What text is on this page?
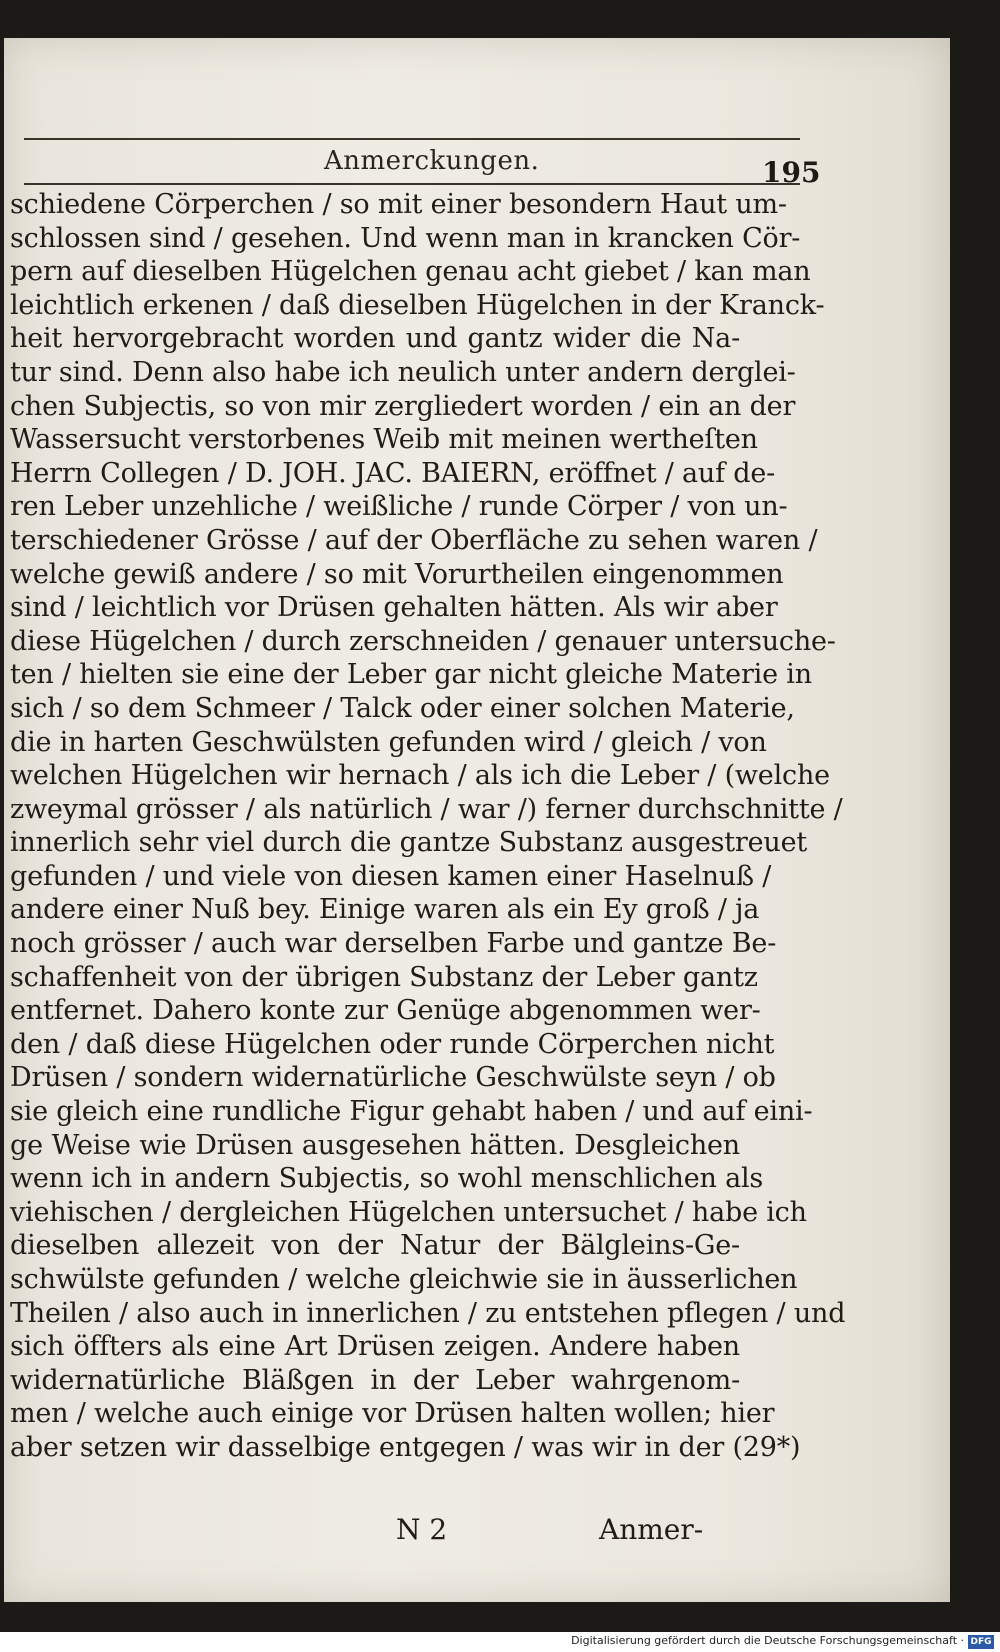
Anmerckungen.	195
schiedene Cörperchen / so mit einer besondern Haut um-
schlossen sind / gesehen. Und wenn man in krancken Cör-
pern auf dieselben Hügelchen genau acht giebet / kan man
leichtlich erkenen / daß dieselben Hügelchen in der Kranck-
heit hervorgebracht worden und gantz wider die Na-
tur sind. Denn also habe ich neulich unter andern derglei-
chen Subjectis, so von mir zergliedert worden / ein an der
Wassersucht verstorbenes Weib mit meinen wertheſten
Herrn Collegen / D. JOH. JAC. BAIERN, eröffnet / auf de-
ren Leber unzehliche / weißliche / runde Cörper / von un-
terschiedener Grösse / auf der Oberfläche zu sehen waren /
welche gewiß andere / so mit Vorurtheilen eingenommen
sind / leichtlich vor Drüsen gehalten hätten. Als wir aber
diese Hügelchen / durch zerschneiden / genauer untersuche-
ten / hielten sie eine der Leber gar nicht gleiche Materie in
sich / so dem Schmeer / Talck oder einer solchen Materie,
die in harten Geschwülsten gefunden wird / gleich / von
welchen Hügelchen wir hernach / als ich die Leber / (welche
zweymal grösser / als natürlich / war /) ferner durchschnitte /
innerlich sehr viel durch die gantze Substanz ausgestreuet
gefunden / und viele von diesen kamen einer Haselnuß /
andere einer Nuß bey. Einige waren als ein Ey groß / ja
noch grösser / auch war derselben Farbe und gantze Be-
schaffenheit von der übrigen Substanz der Leber gantz
entfernet. Dahero konte zur Genüge abgenommen wer-
den / daß diese Hügelchen oder runde Cörperchen nicht
Drüsen / sondern widernatürliche Geschwülste seyn / ob
sie gleich eine rundliche Figur gehabt haben / und auf eini-
ge Weise wie Drüsen ausgesehen hätten. Desgleichen
wenn ich in andern Subjectis, so wohl menschlichen als
viehischen / dergleichen Hügelchen untersuchet / habe ich
dieselben allezeit von der Natur der Bälgleins-Ge-
schwülste gefunden / welche gleichwie sie in äusserlichen
Theilen / also auch in innerlichen / zu entstehen pflegen / und
sich öffters als eine Art Drüsen zeigen. Andere haben
widernatürliche Bläßgen in der Leber wahrgenom-
men / welche auch einige vor Drüsen halten wollen; hier
aber setzen wir dasselbige entgegen / was wir in der (29*)
N 2	Anmer-
Digitalisierung gefördert durch die Deutsche Forschungsgemeinschaft · DFG
